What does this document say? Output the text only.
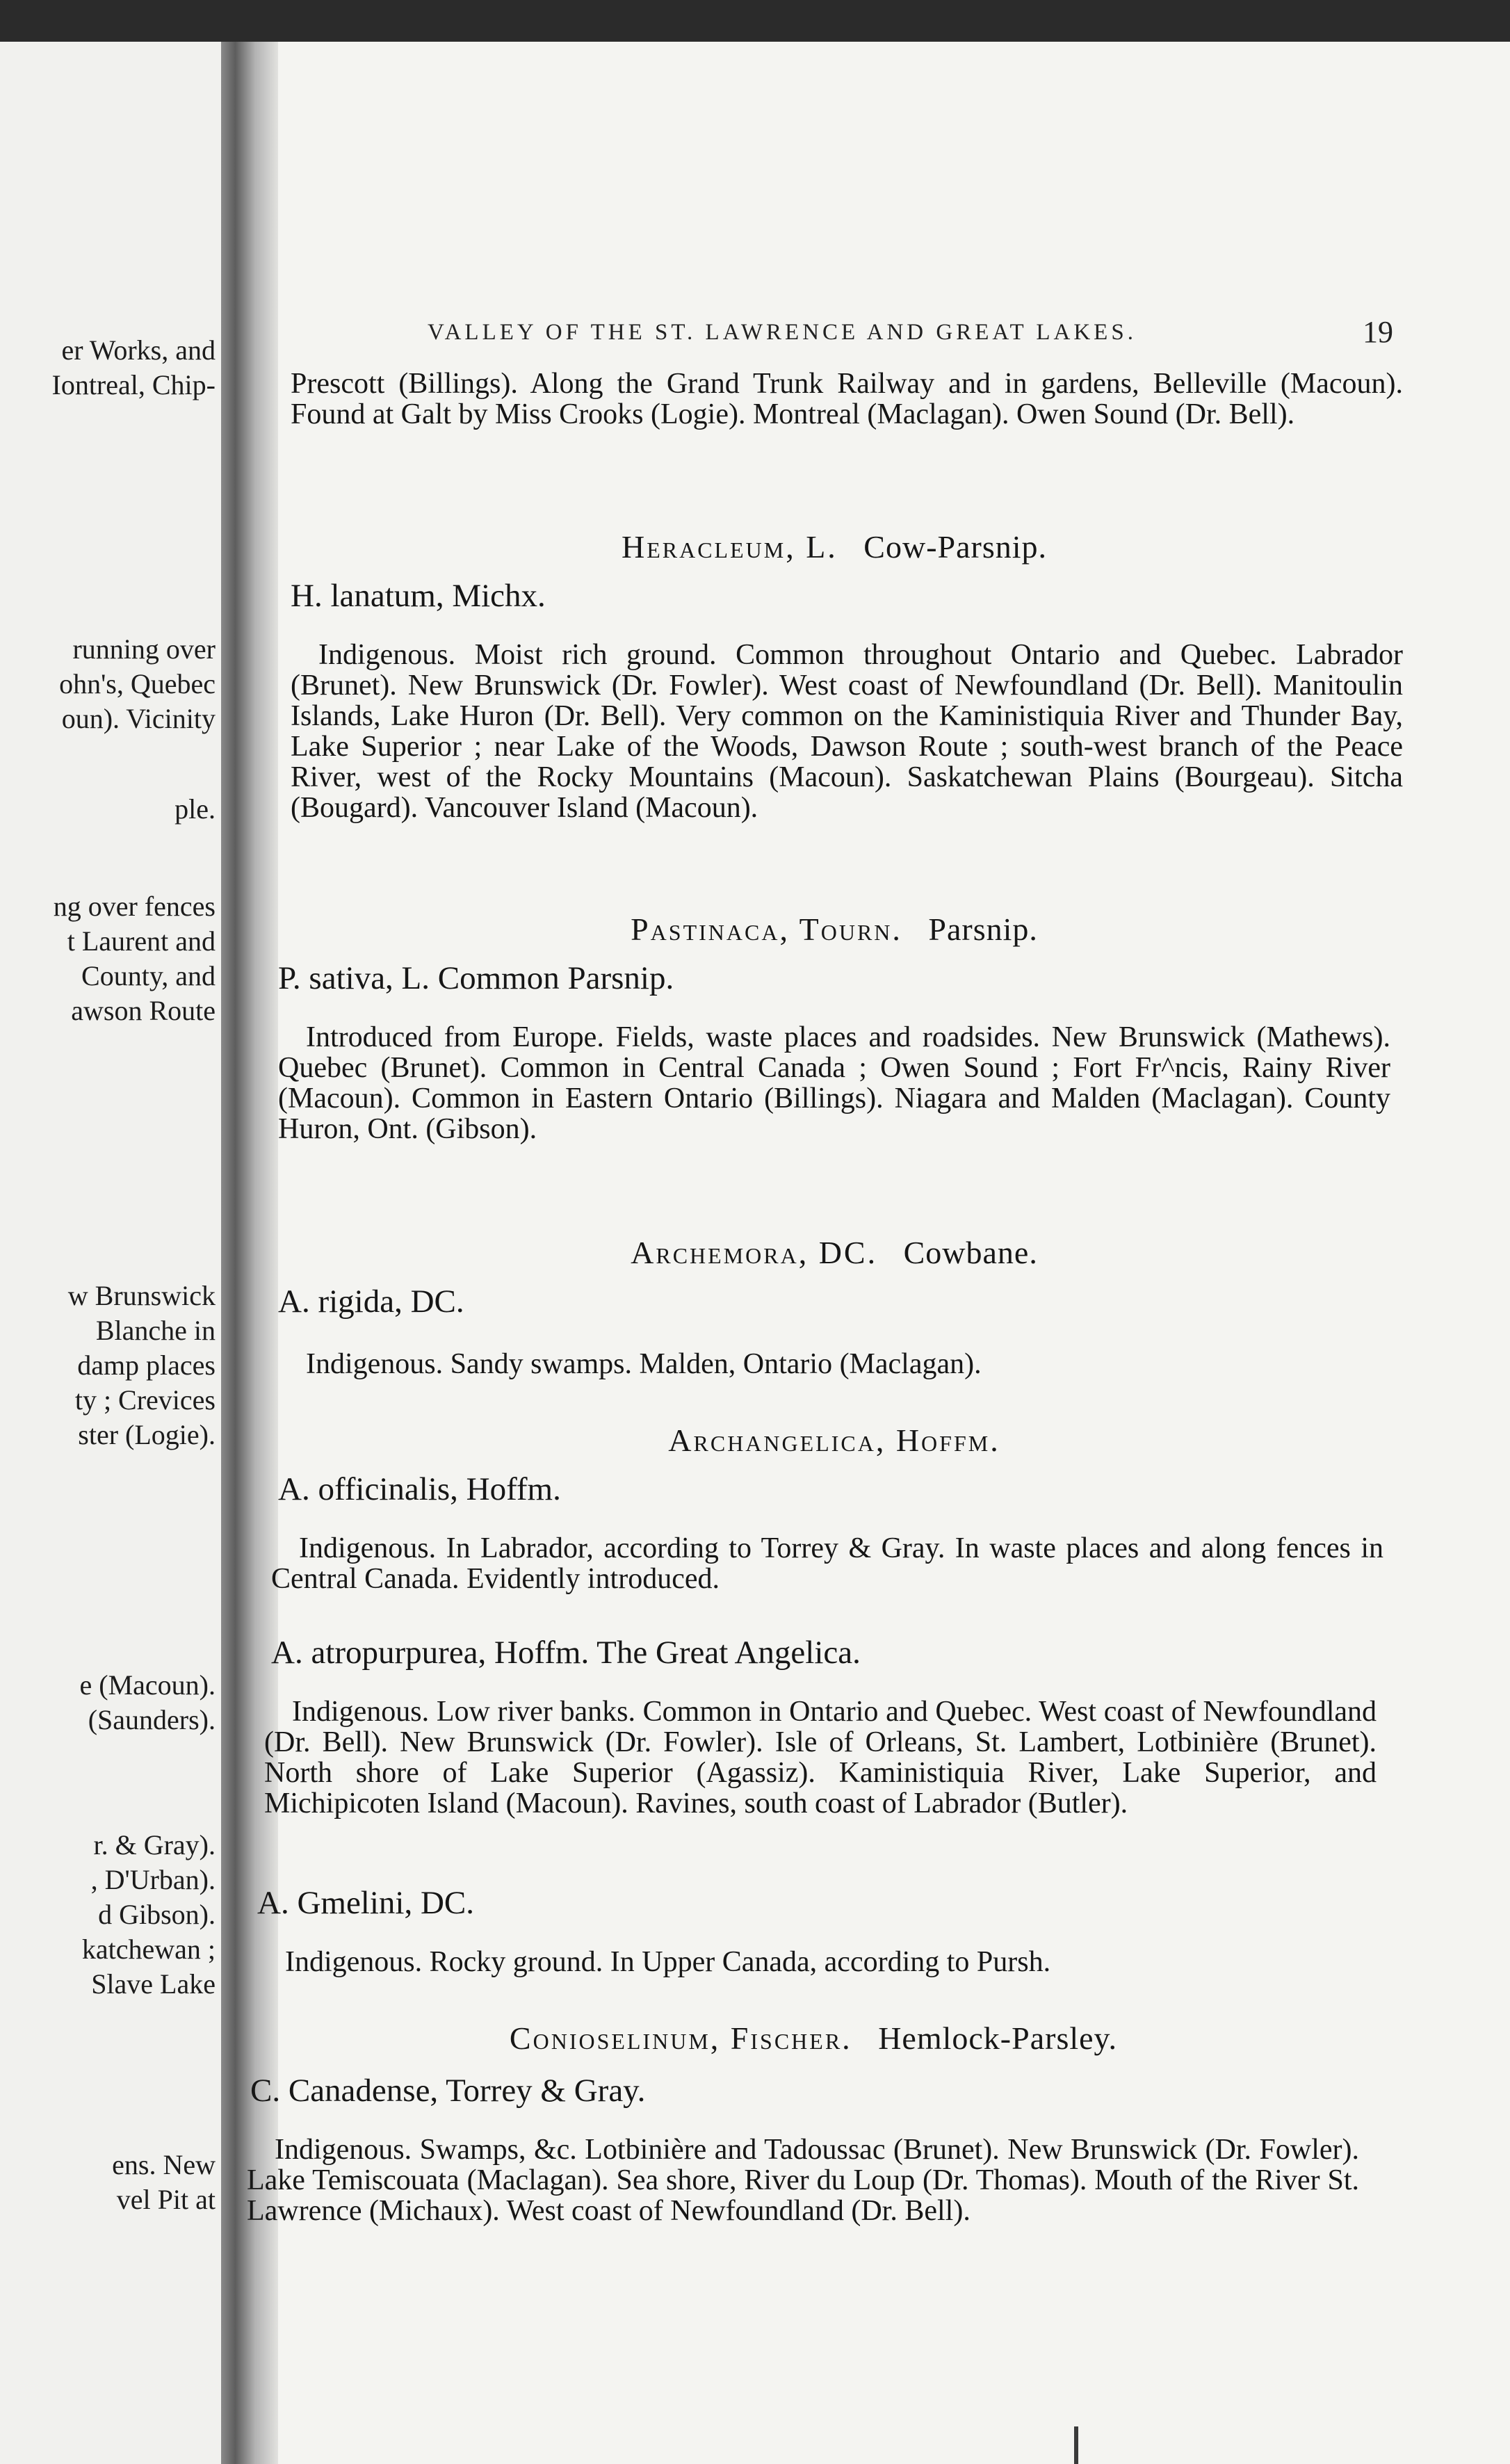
er Works, and
Iontreal, Chip-
running over
ohn's, Quebec
oun). Vicinity
ple.
ng over fences
t Laurent and
County, and
awson Route
w Brunswick
Blanche in
damp places
ty ; Crevices
ster (Logie).
e (Macoun).
(Saunders).
r. & Gray).
, D'Urban).
d Gibson).
katchewan ;
Slave Lake
ens. New
vel Pit at
VALLEY OF THE ST. LAWRENCE AND GREAT LAKES.	19
Prescott (Billings). Along the Grand Trunk Railway and in gardens, Belleville (Macoun). Found at Galt by Miss Crooks (Logie). Montreal (Maclagan). Owen Sound (Dr. Bell).
Heracleum, L. Cow-Parsnip.
H. lanatum, Michx.
Indigenous. Moist rich ground. Common throughout Ontario and Quebec. Labrador (Brunet). New Brunswick (Dr. Fowler). West coast of Newfoundland (Dr. Bell). Manitoulin Islands, Lake Huron (Dr. Bell). Very common on the Kaministiquia River and Thunder Bay, Lake Superior ; near Lake of the Woods, Dawson Route ; south-west branch of the Peace River, west of the Rocky Mountains (Macoun). Saskatchewan Plains (Bourgeau). Sitcha (Bougard). Vancouver Island (Macoun).
Pastinaca, Tourn. Parsnip.
P. sativa, L. Common Parsnip.
Introduced from Europe. Fields, waste places and roadsides. New Brunswick (Mathews). Quebec (Brunet). Common in Central Canada ; Owen Sound ; Fort Fr^ncis, Rainy River (Macoun). Common in Eastern Ontario (Billings). Niagara and Malden (Maclagan). County Huron, Ont. (Gibson).
Archemora, DC. Cowbane.
A. rigida, DC.
Indigenous. Sandy swamps. Malden, Ontario (Maclagan).
Archangelica, Hoffm.
A. officinalis, Hoffm.
Indigenous. In Labrador, according to Torrey & Gray. In waste places and along fences in Central Canada. Evidently introduced.
A. atropurpurea, Hoffm. The Great Angelica.
Indigenous. Low river banks. Common in Ontario and Quebec. West coast of Newfoundland (Dr. Bell). New Brunswick (Dr. Fowler). Isle of Orleans, St. Lambert, Lotbinière (Brunet). North shore of Lake Superior (Agassiz). Kaministiquia River, Lake Superior, and Michipicoten Island (Macoun). Ravines, south coast of Labrador (Butler).
A. Gmelini, DC.
Indigenous. Rocky ground. In Upper Canada, according to Pursh.
Conioselinum, Fischer. Hemlock-Parsley.
C. Canadense, Torrey & Gray.
Indigenous. Swamps, &c. Lotbinière and Tadoussac (Brunet). New Brunswick (Dr. Fowler). Lake Temiscouata (Maclagan). Sea shore, River du Loup (Dr. Thomas). Mouth of the River St. Lawrence (Michaux). West coast of Newfoundland (Dr. Bell).
